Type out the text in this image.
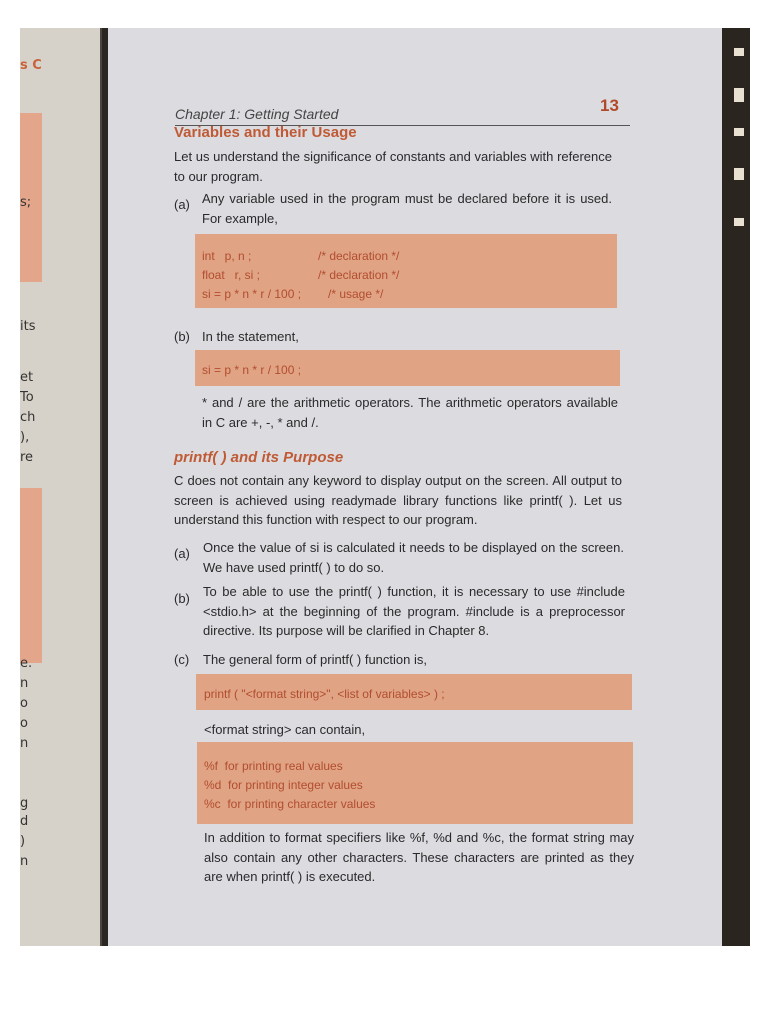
s C
s;
its
et
To
ch
),
re
e.
n
o
o
n
g
d
)
n
Chapter 1: Getting Started	13
Variables and their Usage
Let us understand the significance of constants and variables with reference to our program.
(a) Any variable used in the program must be declared before it is used. For example,
int   p, n ;	/* declaration */
float   r, si ;	/* declaration */
si = p * n * r / 100 ; /* usage */
(b) In the statement,
si = p * n * r / 100 ;
* and / are the arithmetic operators. The arithmetic operators available in C are +, -, * and /.
printf( ) and its Purpose
C does not contain any keyword to display output on the screen. All output to screen is achieved using readymade library functions like printf( ). Let us understand this function with respect to our program.
(a) Once the value of si is calculated it needs to be displayed on the screen. We have used printf( ) to do so.
(b) To be able to use the printf( ) function, it is necessary to use #include <stdio.h> at the beginning of the program. #include is a preprocessor directive. Its purpose will be clarified in Chapter 8.
(c) The general form of printf( ) function is,
printf ( "<format string>", <list of variables> ) ;
<format string> can contain,
%f  for printing real values
%d  for printing integer values
%c  for printing character values
In addition to format specifiers like %f, %d and %c, the format string may also contain any other characters. These characters are printed as they are when printf( ) is executed.
